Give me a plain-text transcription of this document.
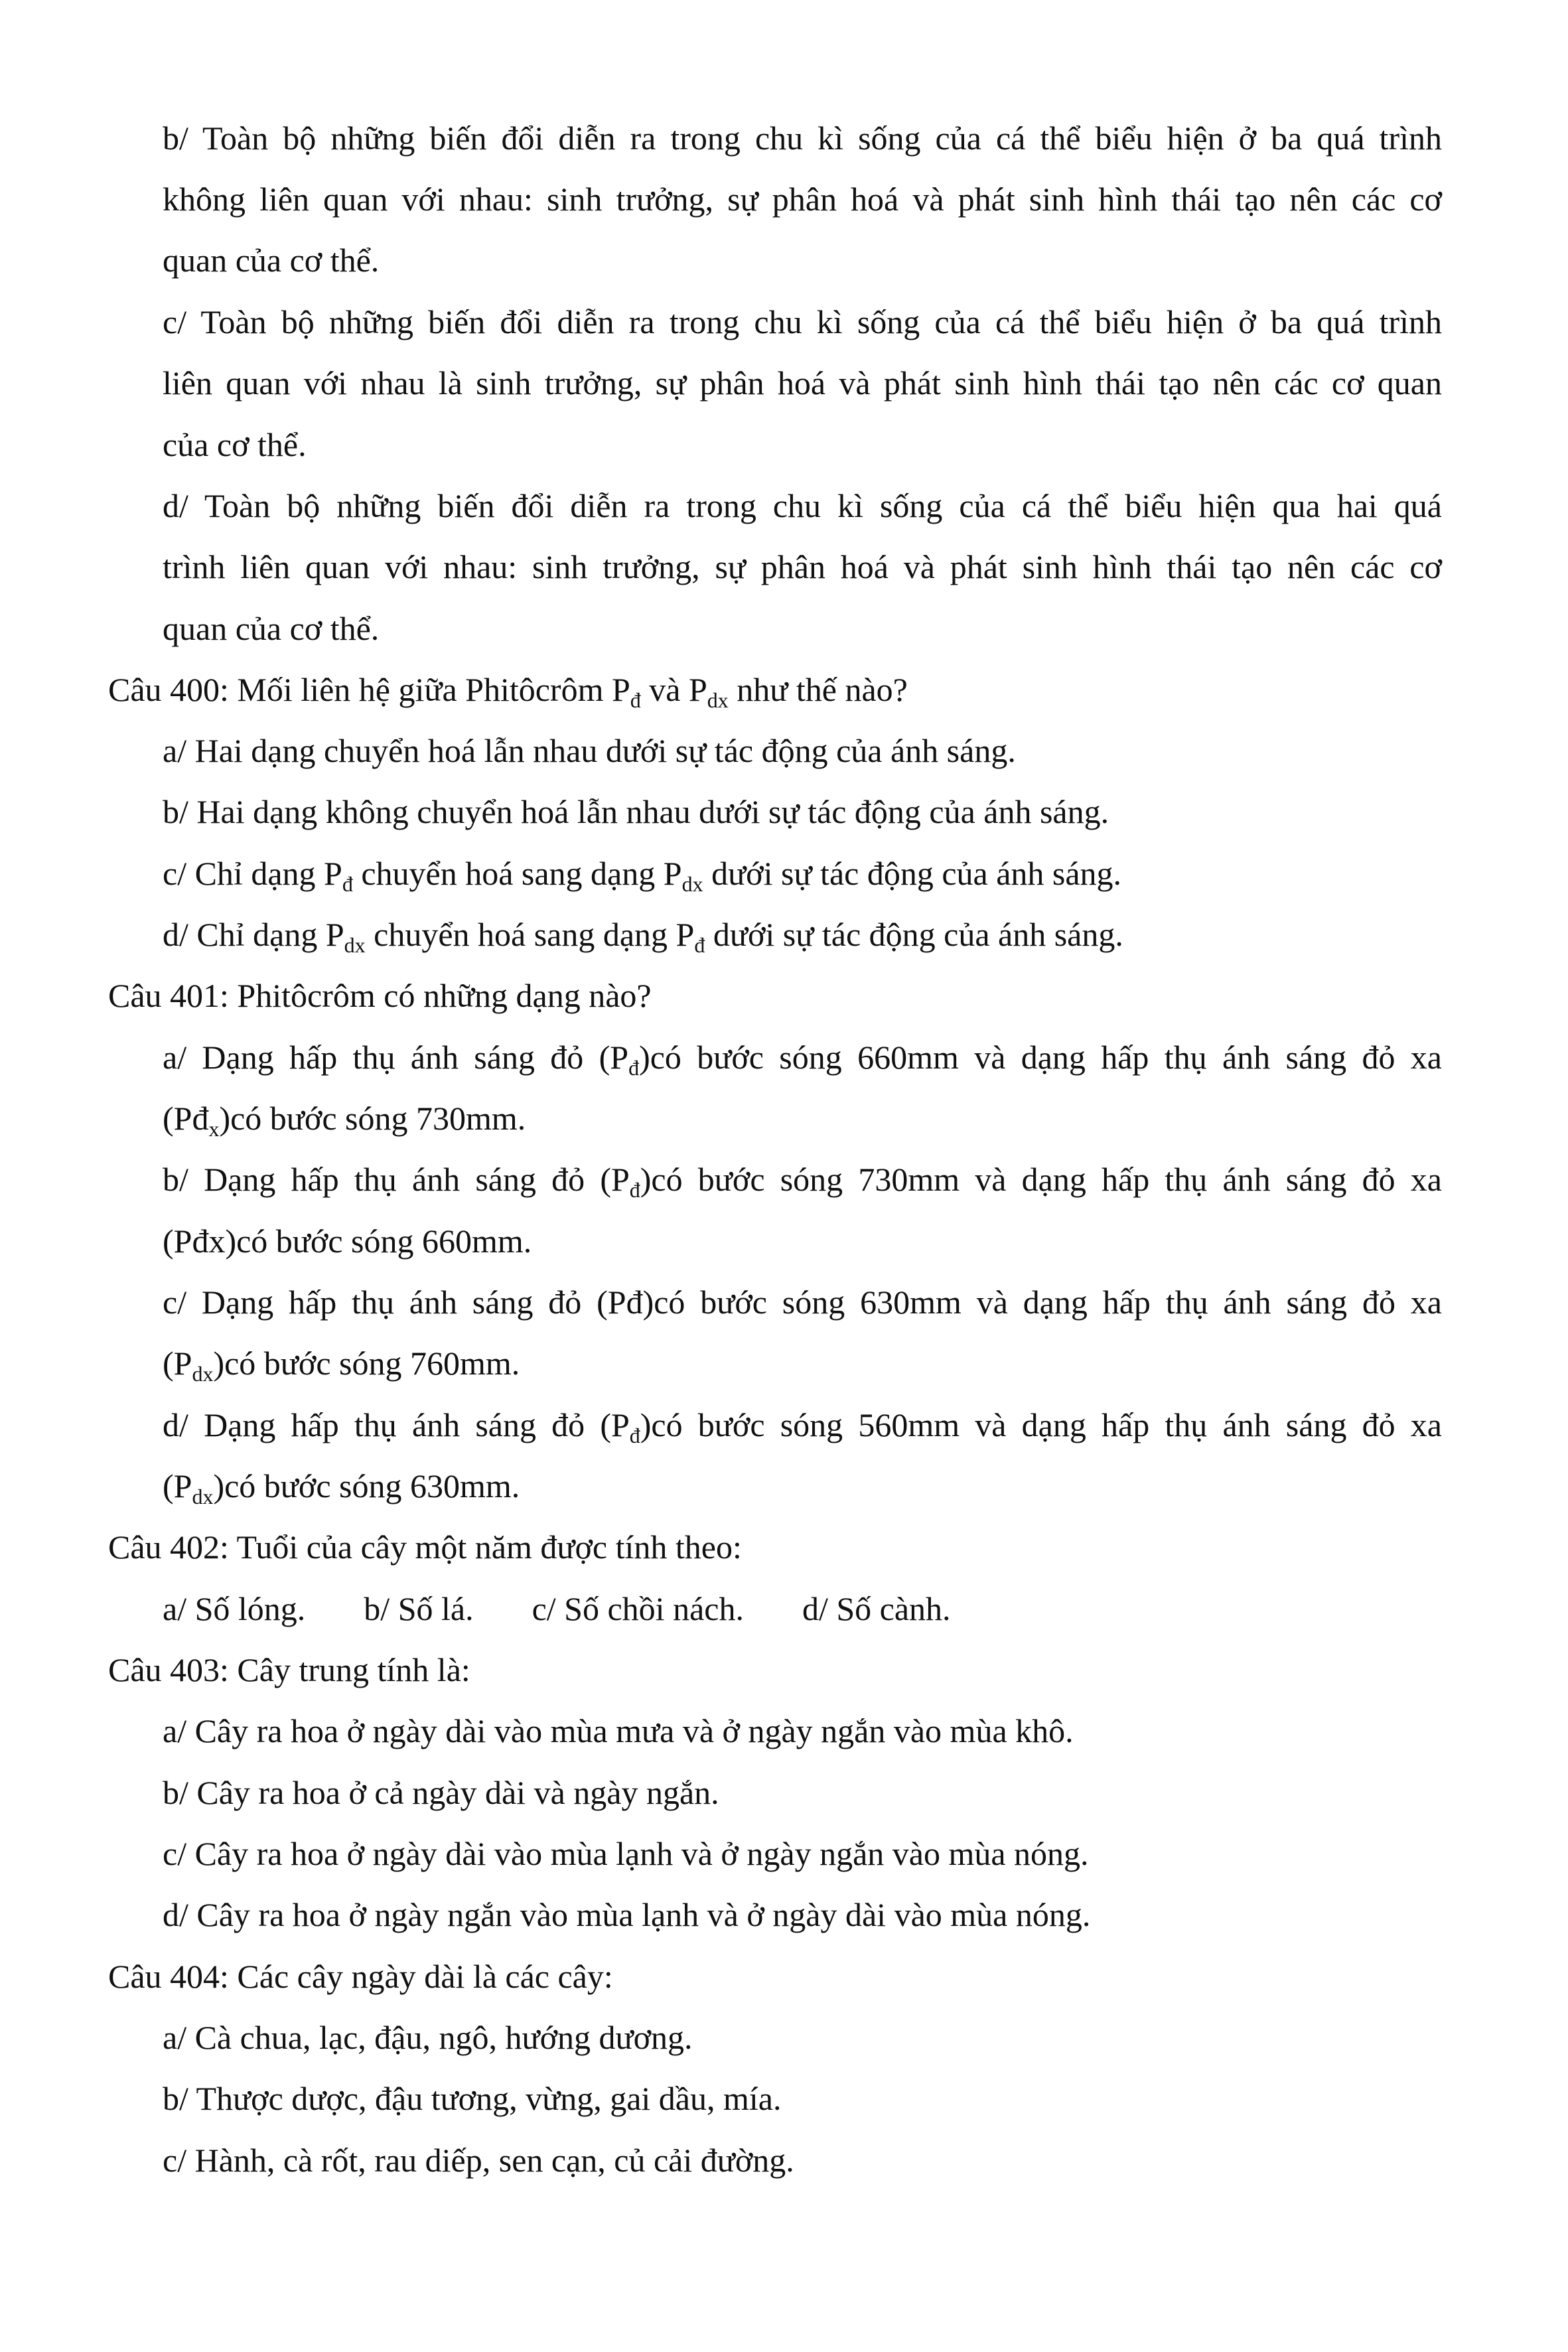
b/ Toàn bộ những biến đổi diễn ra trong chu kì sống của cá thể biểu hiện ở ba quá trình
không liên quan với nhau: sinh trưởng, sự phân hoá và phát sinh hình thái tạo nên các cơ
quan của cơ thể.
c/ Toàn bộ những biến đổi diễn ra trong chu kì sống của cá thể biểu hiện ở ba quá trình
liên quan với nhau là sinh trưởng, sự phân hoá và phát sinh hình thái tạo nên các cơ quan
của cơ thể.
d/ Toàn bộ những biến đổi diễn ra trong chu kì sống của cá thể biểu hiện qua hai quá
trình liên quan với nhau: sinh trưởng, sự phân hoá và phát sinh hình thái tạo nên các cơ
quan của cơ thể.
Câu 400: Mối liên hệ giữa Phitôcrôm $P_đ$ và $P_{dx}$ như thế nào?
a/ Hai dạng chuyển hoá lẫn nhau dưới sự tác động của ánh sáng.
b/ Hai dạng không chuyển hoá lẫn nhau dưới sự tác động của ánh sáng.
c/ Chỉ dạng $P_đ$ chuyển hoá sang dạng $P_{dx}$ dưới sự tác động của ánh sáng.
d/ Chỉ dạng $P_{dx}$ chuyển hoá sang dạng $P_đ$ dưới sự tác động của ánh sáng.
Câu 401: Phitôcrôm có những dạng nào?
a/ Dạng hấp thụ ánh sáng đỏ $(P_đ)có$ bước sóng 660mm và dạng hấp thụ ánh sáng đỏ xa
$(Pđ_x)có$ bước sóng 730mm.
b/ Dạng hấp thụ ánh sáng đỏ $(P_đ)có$ bước sóng 730mm và dạng hấp thụ ánh sáng đỏ xa
(Pđx)có bước sóng 660mm.
c/ Dạng hấp thụ ánh sáng đỏ (Pđ)có bước sóng 630mm và dạng hấp thụ ánh sáng đỏ xa
$(P_{dx})có$ bước sóng 760mm.
d/ Dạng hấp thụ ánh sáng đỏ $(P_đ)có$ bước sóng 560mm và dạng hấp thụ ánh sáng đỏ xa
$(P_{dx})có$ bước sóng 630mm.
Câu 402: Tuổi của cây một năm được tính theo:
a/ Số lóng. b/ Số lá. c/ Số chồi nách. d/ Số cành.
Câu 403: Cây trung tính là:
a/ Cây ra hoa ở ngày dài vào mùa mưa và ở ngày ngắn vào mùa khô.
b/ Cây ra hoa ở cả ngày dài và ngày ngắn.
c/ Cây ra hoa ở ngày dài vào mùa lạnh và ở ngày ngắn vào mùa nóng.
d/ Cây ra hoa ở ngày ngắn vào mùa lạnh và ở ngày dài vào mùa nóng.
Câu 404: Các cây ngày dài là các cây:
a/ Cà chua, lạc, đậu, ngô, hướng dương.
b/ Thược dược, đậu tương, vừng, gai dầu, mía.
c/ Hành, cà rốt, rau diếp, sen cạn, củ cải đường.
